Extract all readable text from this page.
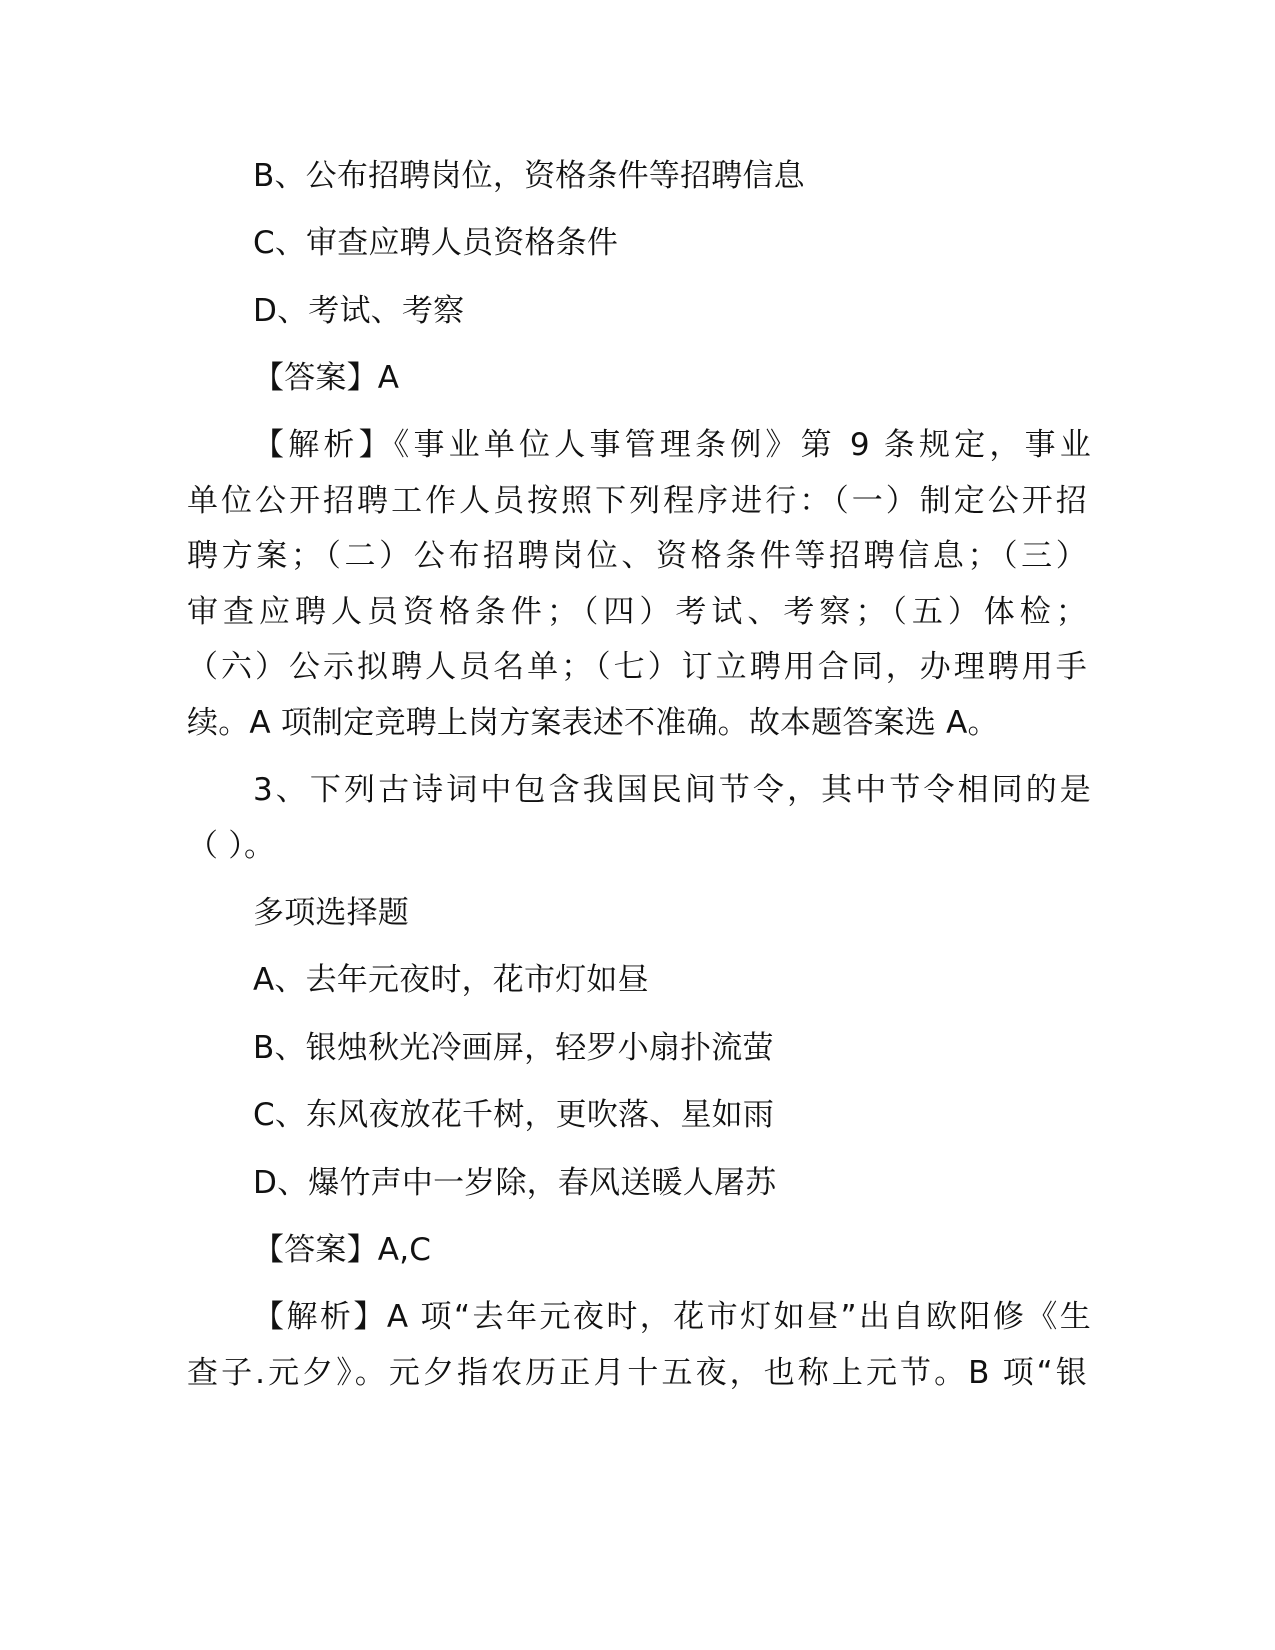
B、公布招聘岗位，资格条件等招聘信息
C、审查应聘人员资格条件
D、考试、考察
【答案】A
【解析】《事业单位人事管理条例》第 9 条规定，事业
单位公开招聘工作人员按照下列程序进行：（一）制定公开招
聘方案；（二）公布招聘岗位、资格条件等招聘信息；（三）
审查应聘人员资格条件；（四）考试、考察；（五）体检；
（六）公示拟聘人员名单；（七）订立聘用合同，办理聘用手
续。A 项制定竞聘上岗方案表述不准确。故本题答案选 A。
3、下列古诗词中包含我国民间节令，其中节令相同的是
（ ）。
多项选择题
A、去年元夜时，花市灯如昼
B、银烛秋光冷画屏，轻罗小扇扑流萤
C、东风夜放花千树，更吹落、星如雨
D、爆竹声中一岁除，春风送暖人屠苏
【答案】A,C
【解析】A 项“去年元夜时，花市灯如昼”出自欧阳修《生
查子.元夕》。元夕指农历正月十五夜，也称上元节。B 项“银
